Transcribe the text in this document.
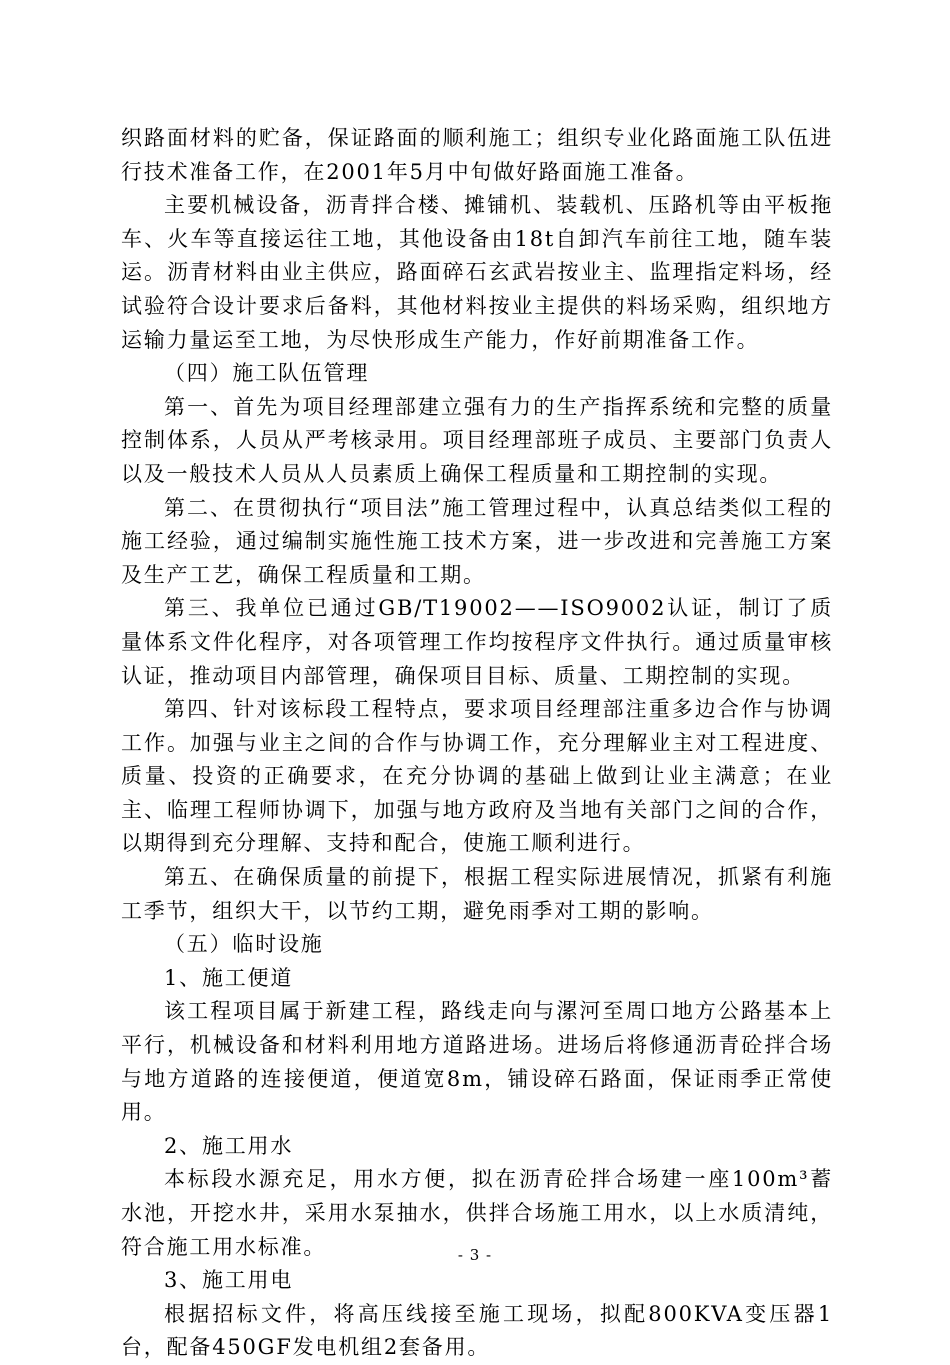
织路面材料的贮备，保证路面的顺利施工；组织专业化路面施工队伍进行技术准备工作，在2001年5月中旬做好路面施工准备。

主要机械设备，沥青拌合楼、摊铺机、装载机、压路机等由平板拖车、火车等直接运往工地，其他设备由18t自卸汽车前往工地，随车装运。沥青材料由业主供应，路面碎石玄武岩按业主、监理指定料场，经试验符合设计要求后备料，其他材料按业主提供的料场采购，组织地方运输力量运至工地，为尽快形成生产能力，作好前期准备工作。

（四）施工队伍管理

第一、首先为项目经理部建立强有力的生产指挥系统和完整的质量控制体系，人员从严考核录用。项目经理部班子成员、主要部门负责人以及一般技术人员从人员素质上确保工程质量和工期控制的实现。

第二、在贯彻执行“项目法”施工管理过程中，认真总结类似工程的施工经验，通过编制实施性施工技术方案，进一步改进和完善施工方案及生产工艺，确保工程质量和工期。

第三、我单位已通过GB/T19002——ISO9002认证，制订了质量体系文件化程序，对各项管理工作均按程序文件执行。通过质量审核认证，推动项目内部管理，确保项目目标、质量、工期控制的实现。

第四、针对该标段工程特点，要求项目经理部注重多边合作与协调工作。加强与业主之间的合作与协调工作，充分理解业主对工程进度、质量、投资的正确要求，在充分协调的基础上做到让业主满意；在业主、临理工程师协调下，加强与地方政府及当地有关部门之间的合作，以期得到充分理解、支持和配合，使施工顺利进行。

第五、在确保质量的前提下，根据工程实际进展情况，抓紧有利施工季节，组织大干，以节约工期，避免雨季对工期的影响。

（五）临时设施

1、施工便道

该工程项目属于新建工程，路线走向与漯河至周口地方公路基本上平行，机械设备和材料利用地方道路进场。进场后将修通沥青砼拌合场与地方道路的连接便道，便道宽8m，铺设碎石路面，保证雨季正常使用。

2、施工用水

本标段水源充足，用水方便，拟在沥青砼拌合场建一座100m³蓄水池，开挖水井，采用水泵抽水，供拌合场施工用水，以上水质清纯，符合施工用水标准。

3、施工用电

根据招标文件，将高压线接至施工现场，拟配800KVA变压器1台，配备450GF发电机组2套备用。

- 3 -
